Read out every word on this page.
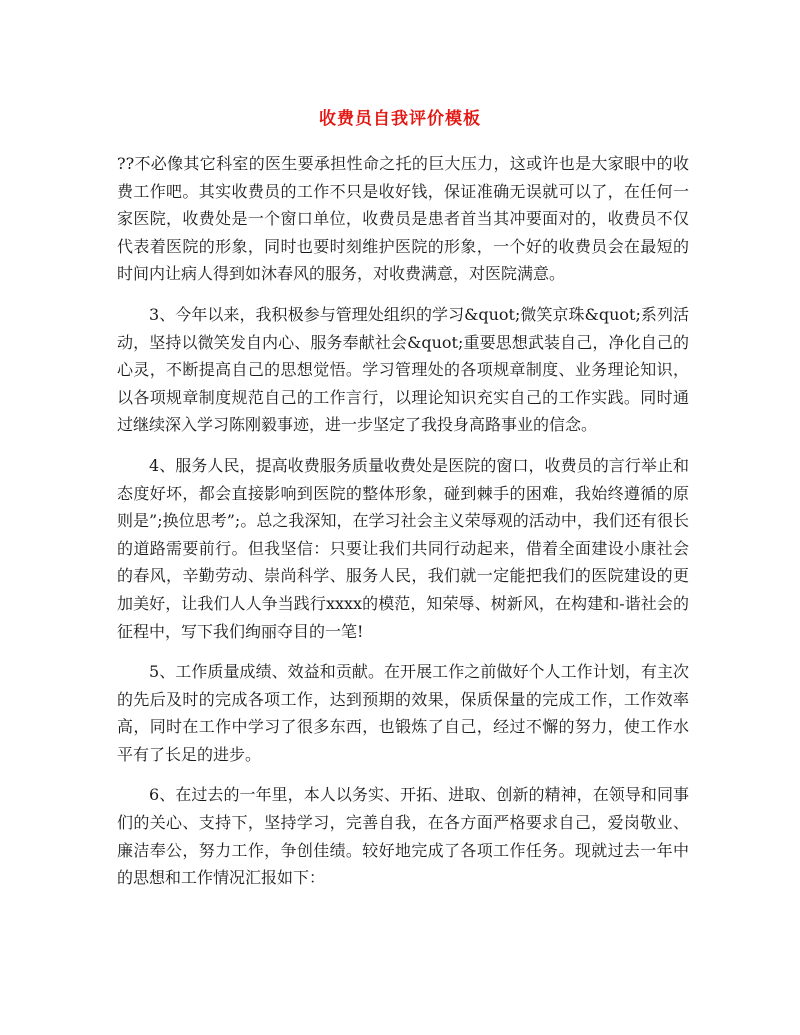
收费员自我评价模板

??不必像其它科室的医生要承担性命之托的巨大压力，这或许也是大家眼中的收费工作吧。其实收费员的工作不只是收好钱，保证准确无误就可以了，在任何一家医院，收费处是一个窗口单位，收费员是患者首当其冲要面对的，收费员不仅代表着医院的形象，同时也要时刻维护医院的形象，一个好的收费员会在最短的时间内让病人得到如沐春风的服务，对收费满意，对医院满意。

3、今年以来，我积极参与管理处组织的学习&quot;微笑京珠&quot;系列活动，坚持以微笑发自内心、服务奉献社会&quot;重要思想武装自己，净化自己的心灵，不断提高自己的思想觉悟。学习管理处的各项规章制度、业务理论知识，以各项规章制度规范自己的工作言行，以理论知识充实自己的工作实践。同时通过继续深入学习陈刚毅事迹，进一步坚定了我投身高路事业的信念。

4、服务人民，提高收费服务质量收费处是医院的窗口，收费员的言行举止和态度好坏，都会直接影响到医院的整体形象，碰到棘手的困难，我始终遵循的原则是”;换位思考”;。总之我深知，在学习社会主义荣辱观的活动中，我们还有很长的道路需要前行。但我坚信：只要让我们共同行动起来，借着全面建设小康社会的春风，辛勤劳动、崇尚科学、服务人民，我们就一定能把我们的医院建设的更加美好，让我们人人争当践行xxxx的模范，知荣辱、树新风，在构建和-谐社会的征程中，写下我们绚丽夺目的一笔!

5、工作质量成绩、效益和贡献。在开展工作之前做好个人工作计划，有主次的先后及时的完成各项工作，达到预期的效果，保质保量的完成工作，工作效率高，同时在工作中学习了很多东西，也锻炼了自己，经过不懈的努力，使工作水平有了长足的进步。

6、在过去的一年里，本人以务实、开拓、进取、创新的精神，在领导和同事们的关心、支持下，坚持学习，完善自我，在各方面严格要求自己，爱岗敬业、廉洁奉公，努力工作，争创佳绩。较好地完成了各项工作任务。现就过去一年中的思想和工作情况汇报如下：
